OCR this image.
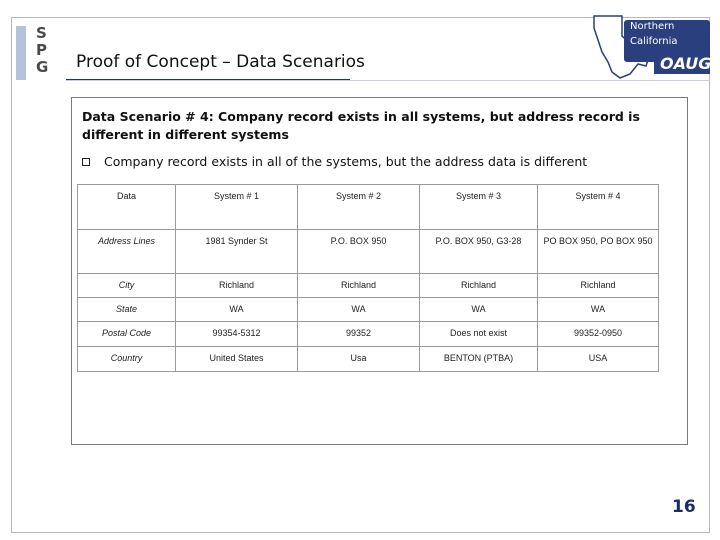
S
P
G Proof of Concept – Data Scenarios
Northern
California
OAUG
Data Scenario # 4: Company record exists in all systems, but address record is different in different systems
Company record exists in all of the systems, but the address data is different
Data	System # 1	System # 2	System # 3	System # 4
Address Lines	1981 Synder St	P.O. BOX 950	P.O. BOX 950, G3-28	PO BOX 950, PO BOX 950
City	Richland	Richland	Richland	Richland
State	WA	WA	WA	WA
Postal Code	99354-5312	99352	Does not exist	99352-0950
Country	United States	Usa	BENTON (PTBA)	USA
16
